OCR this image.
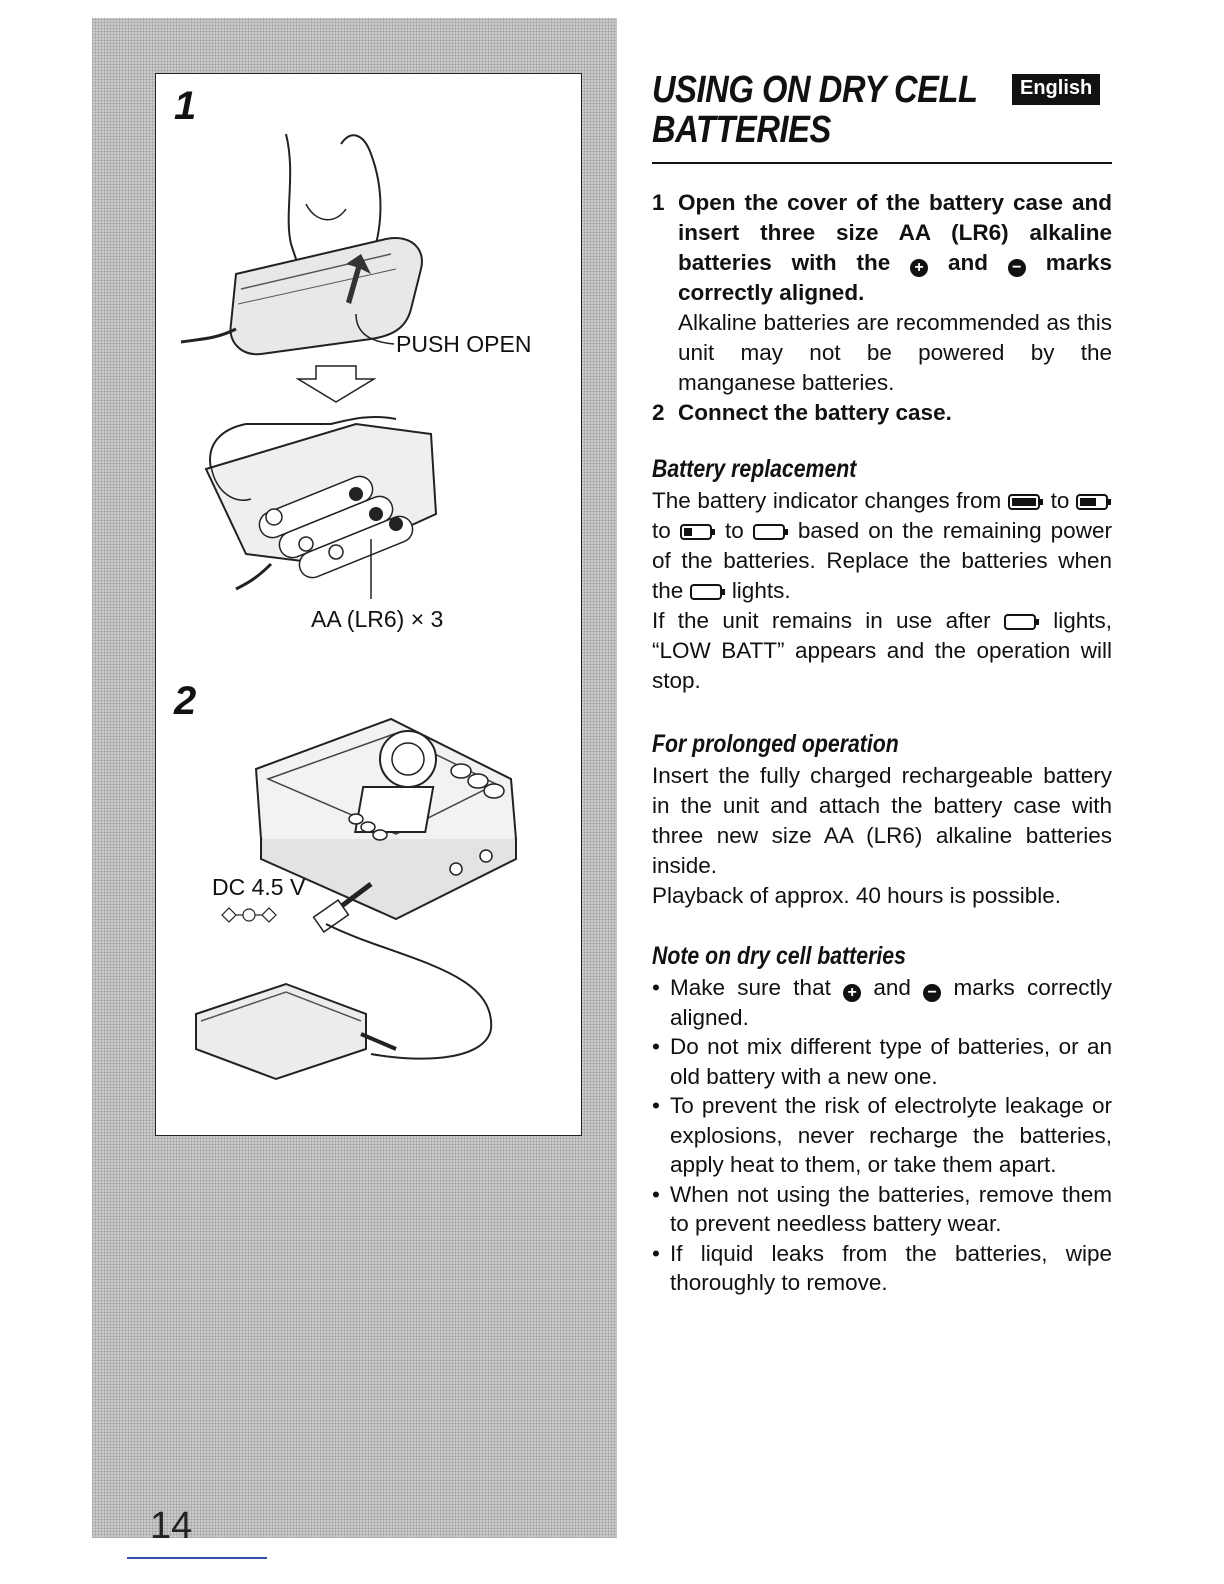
1
PUSH OPEN
AA (LR6) × 3
2
DC 4.5 V
14
USING ON DRY CELL
BATTERIES
English
1 Open the cover of the battery case and insert three size AA (LR6) alkaline batteries with the + and − marks correctly aligned.
Alkaline batteries are recommended as this unit may not be powered by the manganese batteries.
2 Connect the battery case.
Battery replacement

The battery indicator changes from to  to to based on the remaining power of the batteries. Replace the batteries when the lights.
If the unit remains in use after	lights, “LOW BATT” appears and the operation will stop.

For prolonged operation

Insert the fully charged rechargeable battery in the unit and attach the battery case with three new size AA (LR6) alkaline batteries inside.

Playback of approx. 40 hours is possible.

Note on dry cell batteries
• Make sure that + and − marks correctly aligned.
• Do not mix different type of batteries, or an old battery with a new one.
• To prevent the risk of electrolyte leakage or explosions, never recharge the batteries, apply heat to them, or take them apart.
• When not using the batteries, remove them to prevent needless battery wear.
• If liquid leaks from the batteries, wipe thoroughly to remove.
